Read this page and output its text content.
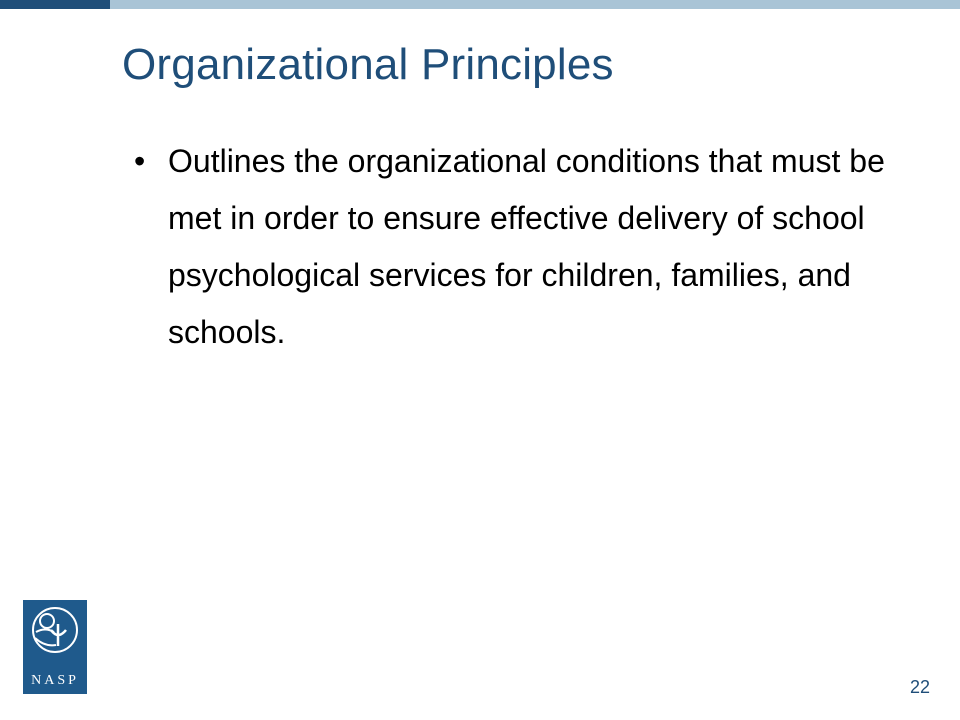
Organizational Principles
• Outlines the organizational conditions that must be met in order to ensure effective delivery of school psychological services for children, families, and schools.
NASP	22
